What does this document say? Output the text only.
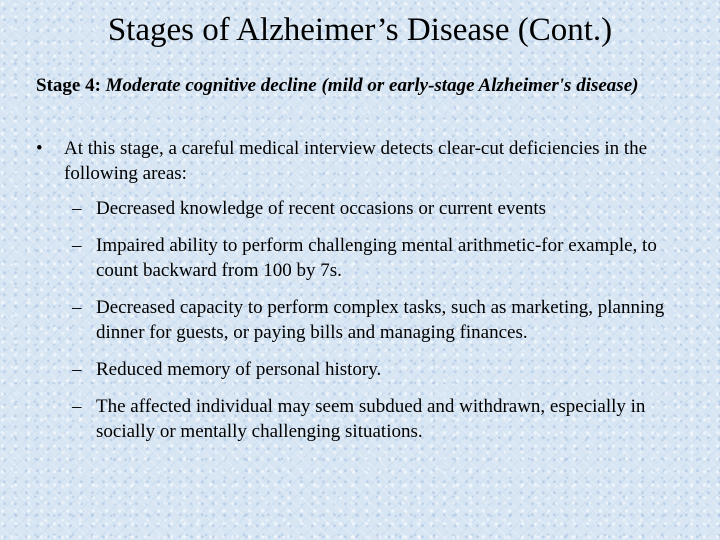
Stages of Alzheimer’s Disease (Cont.)
Stage 4: Moderate cognitive decline (mild or early-stage Alzheimer's disease)
•	At this stage, a careful medical interview detects clear-cut deficiencies in the following areas:
– Decreased knowledge of recent occasions or current events
– Impaired ability to perform challenging mental arithmetic-for example, to count backward from 100 by 7s.
– Decreased capacity to perform complex tasks, such as marketing, planning dinner for guests, or paying bills and managing finances.
– Reduced memory of personal history.
– The affected individual may seem subdued and withdrawn, especially in socially or mentally challenging situations.
